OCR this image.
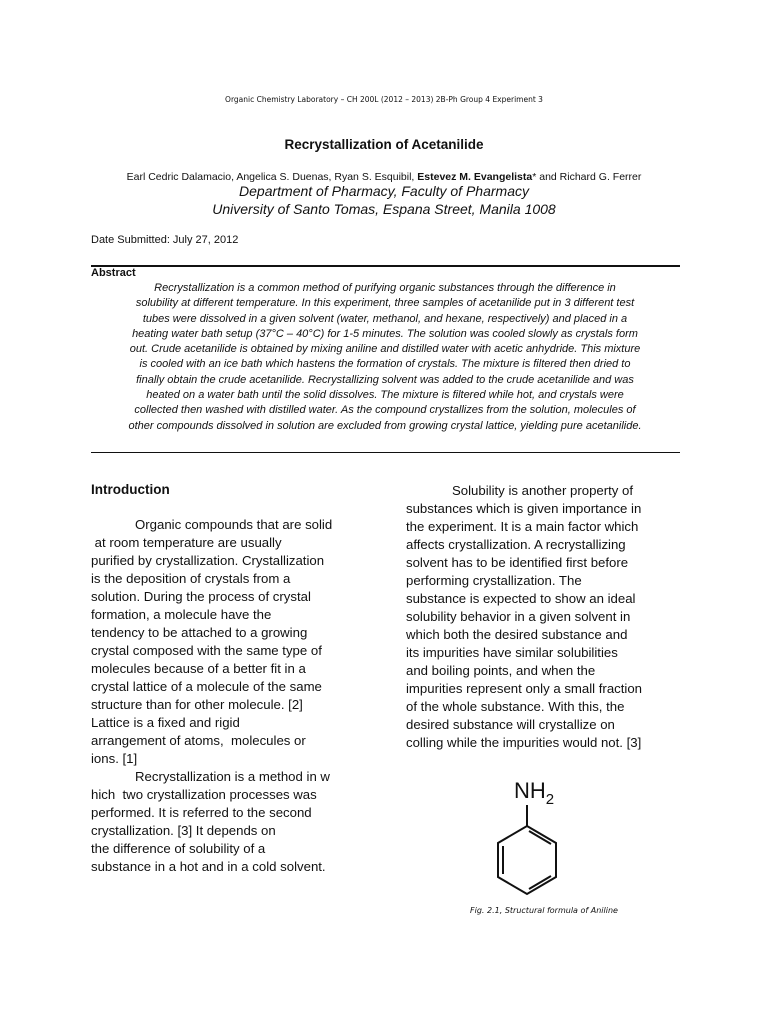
Organic Chemistry Laboratory – CH 200L (2012 – 2013) 2B-Ph Group 4 Experiment 3
Recrystallization of Acetanilide
Earl Cedric Dalamacio, Angelica S. Duenas, Ryan S. Esquibil, Estevez M. Evangelista* and Richard G. Ferrer
Department of Pharmacy, Faculty of Pharmacy
University of Santo Tomas, Espana Street, Manila 1008
Date Submitted: July 27, 2012
Abstract
Recrystallization is a common method of purifying organic substances through the difference in
solubility at different temperature. In this experiment, three samples of acetanilide put in 3 different test
tubes were dissolved in a given solvent (water, methanol, and hexane, respectively) and placed in a
heating water bath setup (37°C – 40°C) for 1-5 minutes. The solution was cooled slowly as crystals form
out. Crude acetanilide is obtained by mixing aniline and distilled water with acetic anhydride. This mixture
is cooled with an ice bath which hastens the formation of crystals. The mixture is filtered then dried to
finally obtain the crude acetanilide. Recrystallizing solvent was added to the crude acetanilide and was
heated on a water bath until the solid dissolves. The mixture is filtered while hot, and crystals were
collected then washed with distilled water. As the compound crystallizes from the solution, molecules of
other compounds dissolved in solution are excluded from growing crystal lattice, yielding pure acetanilide.
Introduction

Organic compounds that are solid
at room temperature are usually
purified by crystallization. Crystallization
is the deposition of crystals from a
solution. During the process of crystal
formation, a molecule have the
tendency to be attached to a growing
crystal composed with the same type of
molecules because of a better fit in a
crystal lattice of a molecule of the same
structure than for other molecule. [2]
Lattice is a fixed and rigid
arrangement of atoms,  molecules or
ions. [1]

Recrystallization is a method in w
hich  two crystallization processes was
performed. It is referred to the second
crystallization. [3] It depends on
the difference of solubility of a
substance in a hot and in a cold solvent.

Solubility is another property of
substances which is given importance in
the experiment. It is a main factor which
affects crystallization. A recrystallizing
solvent has to be identified first before
performing crystallization. The
substance is expected to show an ideal
solubility behavior in a given solvent in
which both the desired substance and
its impurities have similar solubilities
and boiling points, and when the
impurities represent only a small fraction
of the whole substance. With this, the
desired substance will crystallize on
colling while the impurities would not. [3]

$NH_2$
Fig. 2.1, Structural formula of Aniline
